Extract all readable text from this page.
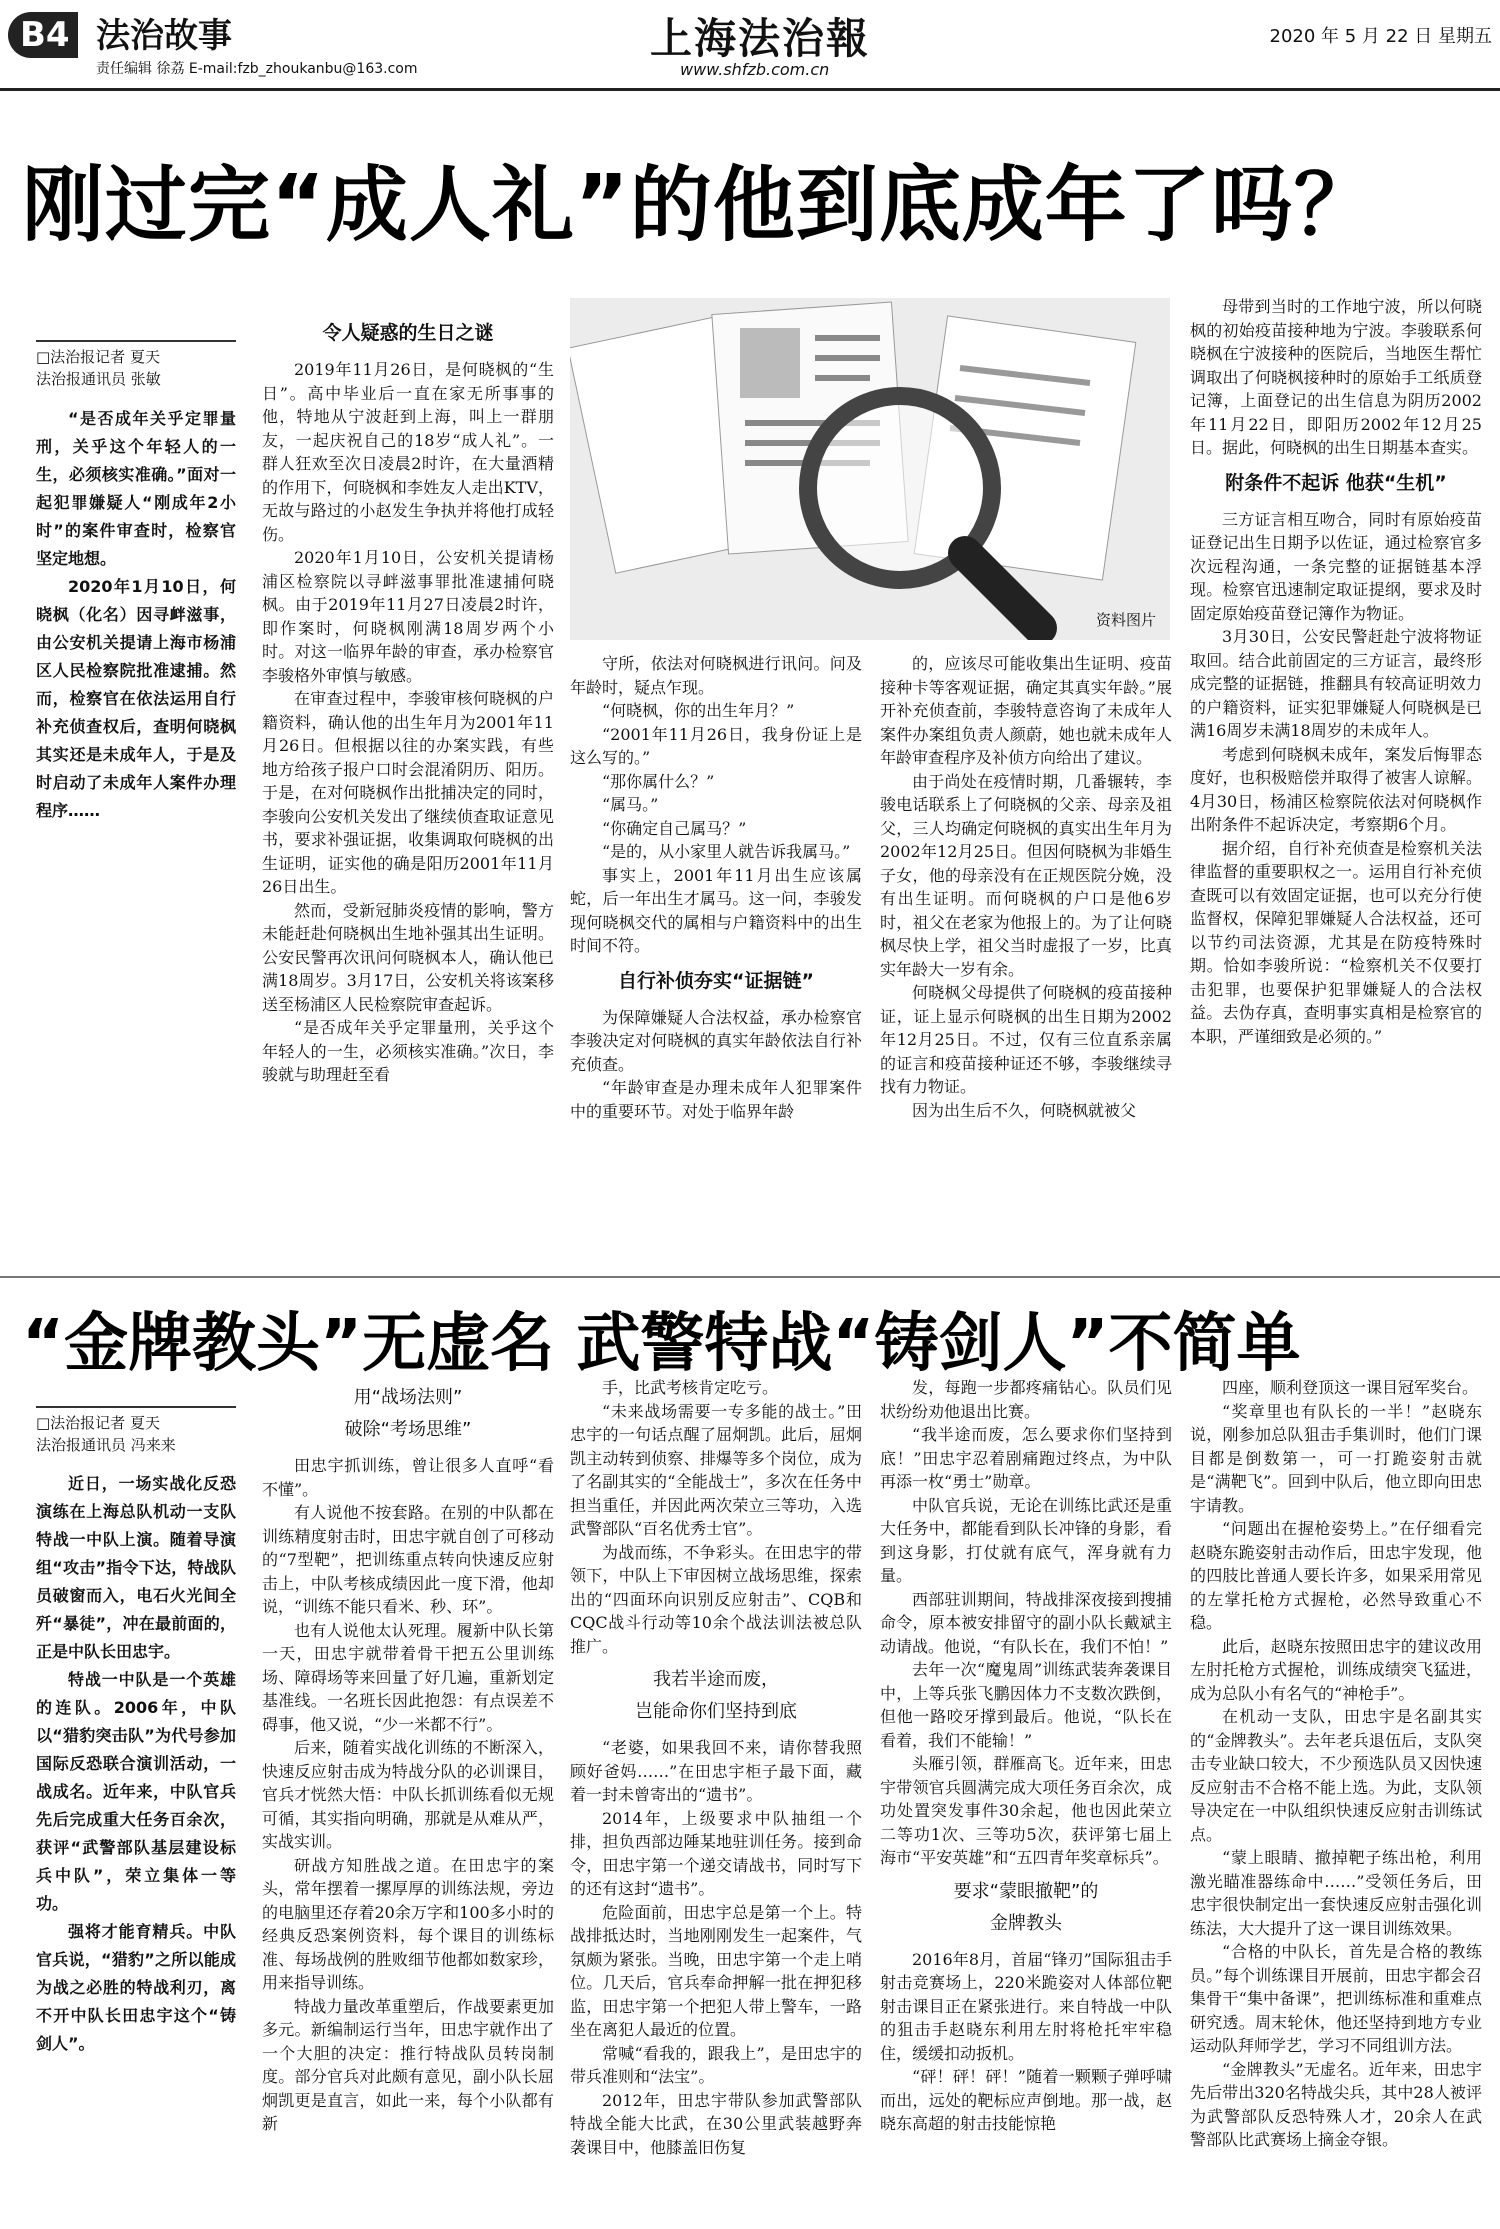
B4 法治故事
责任编辑 徐荔 E-mail:fzb_zhoukanbu@163.com
上海法治報
www.shfzb.com.cn
2020 年 5 月 22 日 星期五
刚过完“成人礼”的他到底成年了吗？
□法治报记者 夏天
法治报通讯员 张敏

“是否成年关乎定罪量刑，关乎这个年轻人的一生，必须核实准确。”面对一起犯罪嫌疑人“刚成年2小时”的案件审查时，检察官坚定地想。

2020年1月10日，何晓枫（化名）因寻衅滋事，由公安机关提请上海市杨浦区人民检察院批准逮捕。然而，检察官在依法运用自行补充侦查权后，查明何晓枫其实还是未成年人，于是及时启动了未成年人案件办理程序……

令人疑惑的生日之谜

2019年11月26日，是何晓枫的“生日”。高中毕业后一直在家无所事事的他，特地从宁波赶到上海，叫上一群朋友，一起庆祝自己的18岁“成人礼”。一群人狂欢至次日凌晨2时许，在大量酒精的作用下，何晓枫和李姓友人走出KTV，无故与路过的小赵发生争执并将他打成轻伤。

2020年1月10日，公安机关提请杨浦区检察院以寻衅滋事罪批准逮捕何晓枫。由于2019年11月27日凌晨2时许，即作案时，何晓枫刚满18周岁两个小时。对这一临界年龄的审查，承办检察官李骏格外审慎与敏感。

在审查过程中，李骏审核何晓枫的户籍资料，确认他的出生年月为2001年11月26日。但根据以往的办案实践，有些地方给孩子报户口时会混淆阴历、阳历。于是，在对何晓枫作出批捕决定的同时，李骏向公安机关发出了继续侦查取证意见书，要求补强证据，收集调取何晓枫的出生证明，证实他的确是阳历2001年11月26日出生。

然而，受新冠肺炎疫情的影响，警方未能赶赴何晓枫出生地补强其出生证明。公安民警再次讯问何晓枫本人，确认他已满18周岁。3月17日，公安机关将该案移送至杨浦区人民检察院审查起诉。

“是否成年关乎定罪量刑，关乎这个年轻人的一生，必须核实准确。”次日，李骏就与助理赶至看

资料图片

守所，依法对何晓枫进行讯问。问及年龄时，疑点乍现。

“何晓枫，你的出生年月？”

“2001年11月26日，我身份证上是这么写的。”

“那你属什么？”

“属马。”

“你确定自己属马？”

“是的，从小家里人就告诉我属马。”

事实上，2001年11月出生应该属蛇，后一年出生才属马。这一问，李骏发现何晓枫交代的属相与户籍资料中的出生时间不符。

自行补侦夯实“证据链”

为保障嫌疑人合法权益，承办检察官李骏决定对何晓枫的真实年龄依法自行补充侦查。

“年龄审查是办理未成年人犯罪案件中的重要环节。对处于临界年龄

的，应该尽可能收集出生证明、疫苗接种卡等客观证据，确定其真实年龄。”展开补充侦查前，李骏特意咨询了未成年人案件办案组负责人颜蔚，她也就未成年人年龄审查程序及补侦方向给出了建议。

由于尚处在疫情时期，几番辗转，李骏电话联系上了何晓枫的父亲、母亲及祖父，三人均确定何晓枫的真实出生年月为2002年12月25日。但因何晓枫为非婚生子女，他的母亲没有在正规医院分娩，没有出生证明。而何晓枫的户口是他6岁时，祖父在老家为他报上的。为了让何晓枫尽快上学，祖父当时虚报了一岁，比真实年龄大一岁有余。

何晓枫父母提供了何晓枫的疫苗接种证，证上显示何晓枫的出生日期为2002年12月25日。不过，仅有三位直系亲属的证言和疫苗接种证还不够，李骏继续寻找有力物证。

因为出生后不久，何晓枫就被父

母带到当时的工作地宁波，所以何晓枫的初始疫苗接种地为宁波。李骏联系何晓枫在宁波接种的医院后，当地医生帮忙调取出了何晓枫接种时的原始手工纸质登记簿，上面登记的出生信息为阴历2002年11月22日，即阳历2002年12月25日。据此，何晓枫的出生日期基本查实。

附条件不起诉 他获“生机”

三方证言相互吻合，同时有原始疫苗证登记出生日期予以佐证，通过检察官多次远程沟通，一条完整的证据链基本浮现。检察官迅速制定取证提纲，要求及时固定原始疫苗登记簿作为物证。

3月30日，公安民警赶赴宁波将物证取回。结合此前固定的三方证言，最终形成完整的证据链，推翻具有较高证明效力的户籍资料，证实犯罪嫌疑人何晓枫是已满16周岁未满18周岁的未成年人。

考虑到何晓枫未成年，案发后悔罪态度好，也积极赔偿并取得了被害人谅解。4月30日，杨浦区检察院依法对何晓枫作出附条件不起诉决定，考察期6个月。

据介绍，自行补充侦查是检察机关法律监督的重要职权之一。运用自行补充侦查既可以有效固定证据，也可以充分行使监督权，保障犯罪嫌疑人合法权益，还可以节约司法资源，尤其是在防疫特殊时期。恰如李骏所说：“检察机关不仅要打击犯罪，也要保护犯罪嫌疑人的合法权益。去伪存真，查明事实真相是检察官的本职，严谨细致是必须的。”

“金牌教头”无虚名 武警特战“铸剑人”不简单
□法治报记者 夏天
法治报通讯员 冯来来

近日，一场实战化反恐演练在上海总队机动一支队特战一中队上演。随着导演组“攻击”指令下达，特战队员破窗而入，电石火光间全歼“暴徒”，冲在最前面的，正是中队长田忠宇。

特战一中队是一个英雄的连队。2006年，中队以“猎豹突击队”为代号参加国际反恐联合演训活动，一战成名。近年来，中队官兵先后完成重大任务百余次，获评“武警部队基层建设标兵中队”，荣立集体一等功。

强将才能育精兵。中队官兵说，“猎豹”之所以能成为战之必胜的特战利刃，离不开中队长田忠宇这个“铸剑人”。

用“战场法则”
破除“考场思维”

田忠宇抓训练，曾让很多人直呼“看不懂”。

有人说他不按套路。在别的中队都在训练精度射击时，田忠宇就自创了可移动的“7型靶”，把训练重点转向快速反应射击上，中队考核成绩因此一度下滑，他却说，“训练不能只看米、秒、环”。

也有人说他太认死理。履新中队长第一天，田忠宇就带着骨干把五公里训练场、障碍场等来回量了好几遍，重新划定基准线。一名班长因此抱怨：有点误差不碍事，他又说，“少一米都不行”。

后来，随着实战化训练的不断深入，快速反应射击成为特战分队的必训课目，官兵才恍然大悟：中队长抓训练看似无规可循，其实指向明确，那就是从难从严，实战实训。

研战方知胜战之道。在田忠宇的案头，常年摆着一摞厚厚的训练法规，旁边的电脑里还存着20余万字和100多小时的经典反恐案例资料，每个课目的训练标准、每场战例的胜败细节他都如数家珍，用来指导训练。

特战力量改革重塑后，作战要素更加多元。新编制运行当年，田忠宇就作出了一个大胆的决定：推行特战队员转岗制度。部分官兵对此颇有意见，副小队长屈炯凯更是直言，如此一来，每个小队都有新

手，比武考核肯定吃亏。

“未来战场需要一专多能的战士。”田忠宇的一句话点醒了屈炯凯。此后，屈炯凯主动转到侦察、排爆等多个岗位，成为了名副其实的“全能战士”，多次在任务中担当重任，并因此两次荣立三等功，入选武警部队“百名优秀士官”。

为战而练，不争彩头。在田忠宇的带领下，中队上下审因树立战场思维，探索出的“四面环向识别反应射击”、CQB和CQC战斗行动等10余个战法训法被总队推广。

我若半途而废，
岂能命你们坚持到底

“老婆，如果我回不来，请你替我照顾好爸妈……”在田忠宇柜子最下面，藏着一封未曾寄出的“遗书”。

2014年，上级要求中队抽组一个排，担负西部边陲某地驻训任务。接到命令，田忠宇第一个递交请战书，同时写下的还有这封“遗书”。

危险面前，田忠宇总是第一个上。特战排抵达时，当地刚刚发生一起案件，气氛颇为紧张。当晚，田忠宇第一个走上哨位。几天后，官兵奉命押解一批在押犯移监，田忠宇第一个把犯人带上警车，一路坐在离犯人最近的位置。

常喊“看我的，跟我上”，是田忠宇的带兵准则和“法宝”。

2012年，田忠宇带队参加武警部队特战全能大比武，在30公里武装越野奔袭课目中，他膝盖旧伤复

发，每跑一步都疼痛钻心。队员们见状纷纷劝他退出比赛。

“我半途而废，怎么要求你们坚持到底！”田忠宇忍着剧痛跑过终点，为中队再添一枚“勇士”勋章。

中队官兵说，无论在训练比武还是重大任务中，都能看到队长冲锋的身影，看到这身影，打仗就有底气，浑身就有力量。

西部驻训期间，特战排深夜接到搜捕命令，原本被安排留守的副小队长戴斌主动请战。他说，“有队长在，我们不怕！”

去年一次“魔鬼周”训练武装奔袭课目中，上等兵张飞鹏因体力不支数次跌倒，但他一路咬牙撑到最后。他说，“队长在看着，我们不能输！”

头雁引领，群雁高飞。近年来，田忠宇带领官兵圆满完成大项任务百余次，成功处置突发事件30余起，他也因此荣立二等功1次、三等功5次，获评第七届上海市“平安英雄”和“五四青年奖章标兵”。

要求“蒙眼撤靶”的
金牌教头

2016年8月，首届“锋刃”国际狙击手射击竞赛场上，220米跪姿对人体部位靶射击课目正在紧张进行。来自特战一中队的狙击手赵晓东利用左肘将枪托牢牢稳住，缓缓扣动扳机。

“砰！砰！砰！”随着一颗颗子弹呼啸而出，远处的靶标应声倒地。那一战，赵晓东高超的射击技能惊艳

四座，顺利登顶这一课目冠军奖台。

“奖章里也有队长的一半！”赵晓东说，刚参加总队狙击手集训时，他们门课目都是倒数第一，可一打跪姿射击就是“满靶飞”。回到中队后，他立即向田忠宇请教。

“问题出在握枪姿势上。”在仔细看完赵晓东跪姿射击动作后，田忠宇发现，他的四肢比普通人要长许多，如果采用常见的左掌托枪方式握枪，必然导致重心不稳。

此后，赵晓东按照田忠宇的建议改用左肘托枪方式握枪，训练成绩突飞猛进，成为总队小有名气的“神枪手”。

在机动一支队，田忠宇是名副其实的“金牌教头”。去年老兵退伍后，支队突击专业缺口较大，不少预选队员又因快速反应射击不合格不能上选。为此，支队领导决定在一中队组织快速反应射击训练试点。

“蒙上眼睛、撤掉靶子练出枪，利用激光瞄准器练命中……”受领任务后，田忠宇很快制定出一套快速反应射击强化训练法，大大提升了这一课目训练效果。

“合格的中队长，首先是合格的教练员。”每个训练课目开展前，田忠宇都会召集骨干“集中备课”，把训练标准和重难点研究透。周末轮休，他还坚持到地方专业运动队拜师学艺，学习不同组训方法。

“金牌教头”无虚名。近年来，田忠宇先后带出320名特战尖兵，其中28人被评为武警部队反恐特殊人才，20余人在武警部队比武赛场上摘金夺银。
